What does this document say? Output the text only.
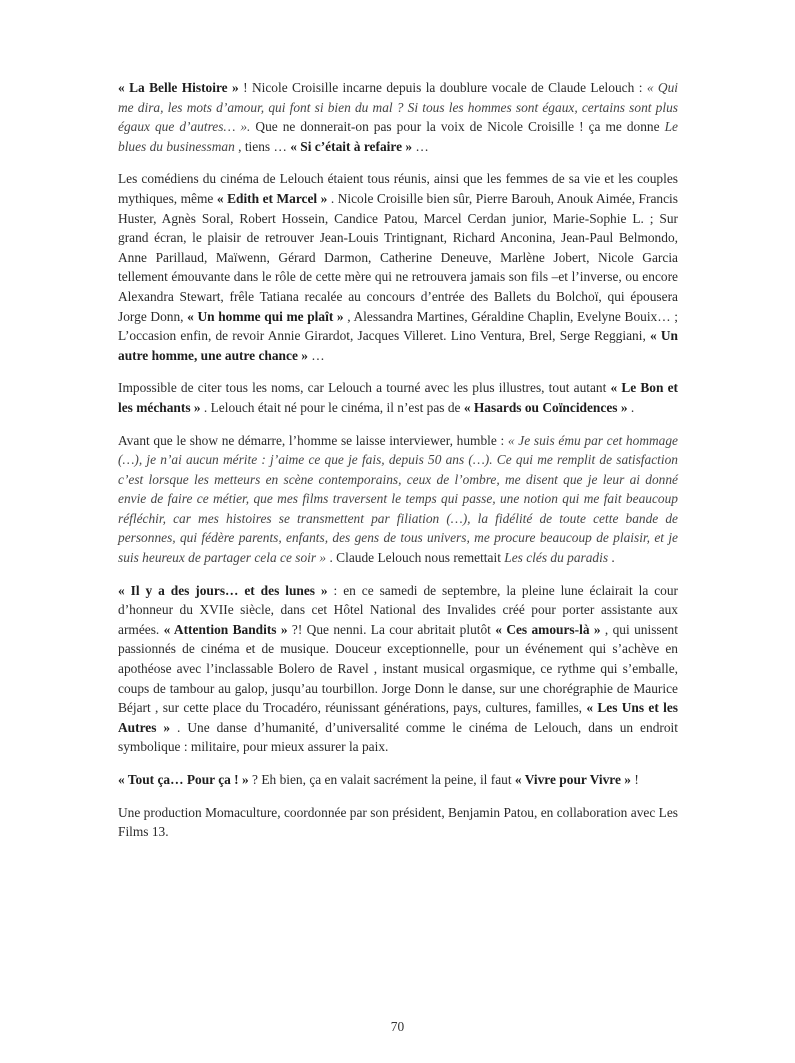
« La Belle Histoire » ! Nicole Croisille incarne depuis la doublure vocale de Claude Lelouch : « Qui me dira, les mots d’amour, qui font si bien du mal ? Si tous les hommes sont égaux, certains sont plus égaux que d’autres… ». Que ne donnerait-on pas pour la voix de Nicole Croisille ! ça me donne Le blues du businessman , tiens … « Si c’était à refaire » …

Les comédiens du cinéma de Lelouch étaient tous réunis, ainsi que les femmes de sa vie et les couples mythiques, même « Edith et Marcel » . Nicole Croisille bien sûr, Pierre Barouh, Anouk Aimée, Francis Huster, Agnès Soral, Robert Hossein, Candice Patou, Marcel Cerdan junior, Marie-Sophie L. ; Sur grand écran, le plaisir de retrouver Jean-Louis Trintignant, Richard Anconina, Jean-Paul Belmondo, Anne Parillaud, Maïwenn, Gérard Darmon, Catherine Deneuve, Marlène Jobert, Nicole Garcia tellement émouvante dans le rôle de cette mère qui ne retrouvera jamais son fils –et l’inverse, ou encore Alexandra Stewart, frêle Tatiana recalée au concours d’entrée des Ballets du Bolchoï, qui épousera Jorge Donn, « Un homme qui me plaît » , Alessandra Martines, Géraldine Chaplin, Evelyne Bouix… ; L’occasion enfin, de revoir Annie Girardot, Jacques Villeret. Lino Ventura, Brel, Serge Reggiani, « Un autre homme, une autre chance » …

Impossible de citer tous les noms, car Lelouch a tourné avec les plus illustres, tout autant « Le Bon et les méchants » . Lelouch était né pour le cinéma, il n’est pas de « Hasards ou Coïncidences » .

Avant que le show ne démarre, l’homme se laisse interviewer, humble : « Je suis ému par cet hommage (…), je n’ai aucun mérite : j’aime ce que je fais, depuis 50 ans (…). Ce qui me remplit de satisfaction c’est lorsque les metteurs en scène contemporains, ceux de l’ombre, me disent que je leur ai donné envie de faire ce métier, que mes films traversent le temps qui passe, une notion qui me fait beaucoup réfléchir, car mes histoires se transmettent par filiation (…), la fidélité de toute cette bande de personnes, qui fédère parents, enfants, des gens de tous univers, me procure beaucoup de plaisir, et je suis heureux de partager cela ce soir » . Claude Lelouch nous remettait Les clés du paradis .

« Il y a des jours… et des lunes » : en ce samedi de septembre, la pleine lune éclairait la cour d’honneur du XVIIe siècle, dans cet Hôtel National des Invalides créé pour porter assistante aux armées. « Attention Bandits » ?! Que nenni. La cour abritait plutôt « Ces amours-là » , qui unissent passionnés de cinéma et de musique. Douceur exceptionnelle, pour un événement qui s’achève en apothéose avec l’inclassable Bolero de Ravel , instant musical orgasmique, ce rythme qui s’emballe, coups de tambour au galop, jusqu’au tourbillon. Jorge Donn le danse, sur une chorégraphie de Maurice Béjart , sur cette place du Trocadéro, réunissant générations, pays, cultures, familles, « Les Uns et les Autres » . Une danse d’humanité, d’universalité comme le cinéma de Lelouch, dans un endroit symbolique : militaire, pour mieux assurer la paix.

« Tout ça… Pour ça ! » ? Eh bien, ça en valait sacrément la peine, il faut « Vivre pour Vivre » !

Une production Momaculture, coordonnée par son président, Benjamin Patou, en collaboration avec Les Films 13.

70
